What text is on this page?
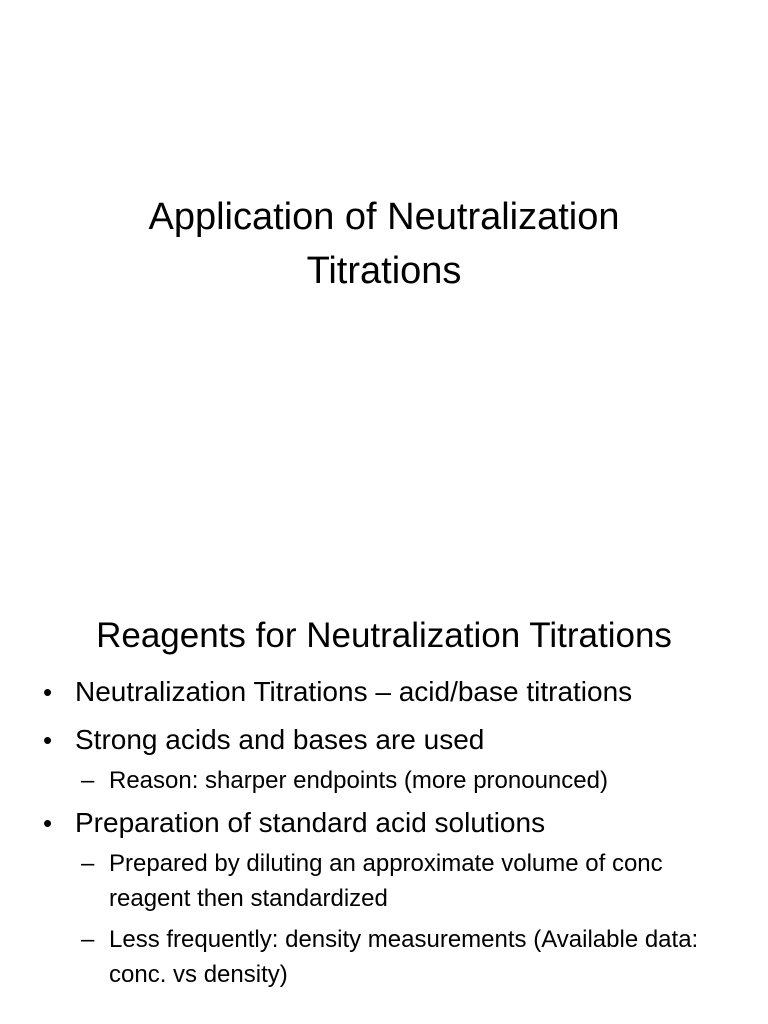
Application of Neutralization
Titrations
Reagents for Neutralization Titrations
• Neutralization Titrations – acid/base titrations
• Strong acids and bases are used
– Reason: sharper endpoints (more pronounced)
• Preparation of standard acid solutions
– Prepared by diluting an approximate volume of conc reagent then standardized
– Less frequently: density measurements (Available data: conc. vs density)
